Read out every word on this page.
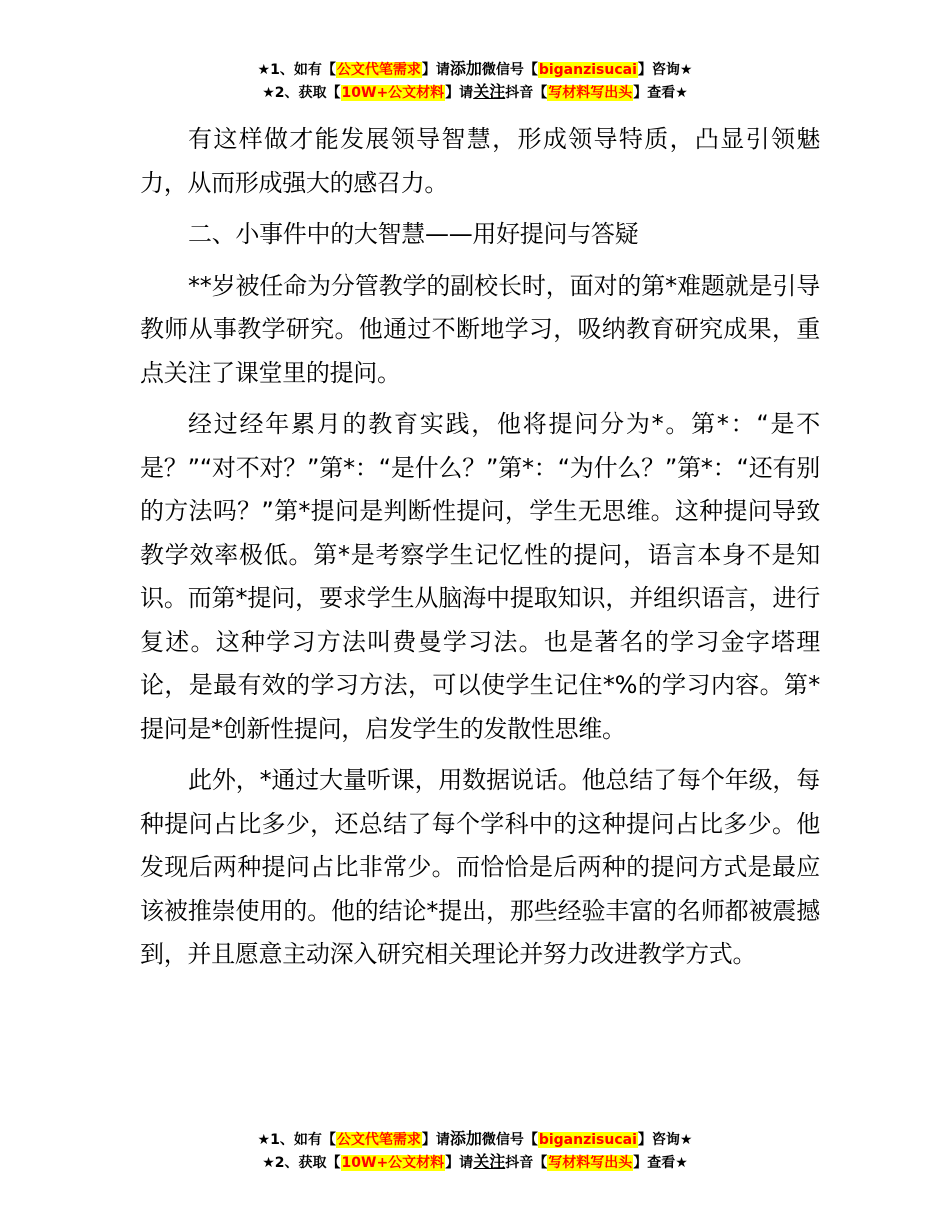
★1、如有【公文代笔需求】请添加微信号【biganzisucai】咨询★
★2、获取【10W+公文材料】请关注抖音【写材料写出头】查看★

有这样做才能发展领导智慧，形成领导特质，凸显引领魅力，从而形成强大的感召力。

二、小事件中的大智慧——用好提问与答疑

**岁被任命为分管教学的副校长时，面对的第*难题就是引导教师从事教学研究。他通过不断地学习，吸纳教育研究成果，重点关注了课堂里的提问。

经过经年累月的教育实践，他将提问分为*。第*：“是不是？”“对不对？”第*：“是什么？”第*：“为什么？”第*：“还有别的方法吗？”第*提问是判断性提问，学生无思维。这种提问导致教学效率极低。第*是考察学生记忆性的提问，语言本身不是知识。而第*提问，要求学生从脑海中提取知识，并组织语言，进行复述。这种学习方法叫费曼学习法。也是著名的学习金字塔理论，是最有效的学习方法，可以使学生记住*%的学习内容。第*提问是*创新性提问，启发学生的发散性思维。

此外，*通过大量听课，用数据说话。他总结了每个年级，每种提问占比多少，还总结了每个学科中的这种提问占比多少。他发现后两种提问占比非常少。而恰恰是后两种的提问方式是最应该被推崇使用的。他的结论*提出，那些经验丰富的名师都被震撼到，并且愿意主动深入研究相关理论并努力改进教学方式。

★1、如有【公文代笔需求】请添加微信号【biganzisucai】咨询★
★2、获取【10W+公文材料】请关注抖音【写材料写出头】查看★
